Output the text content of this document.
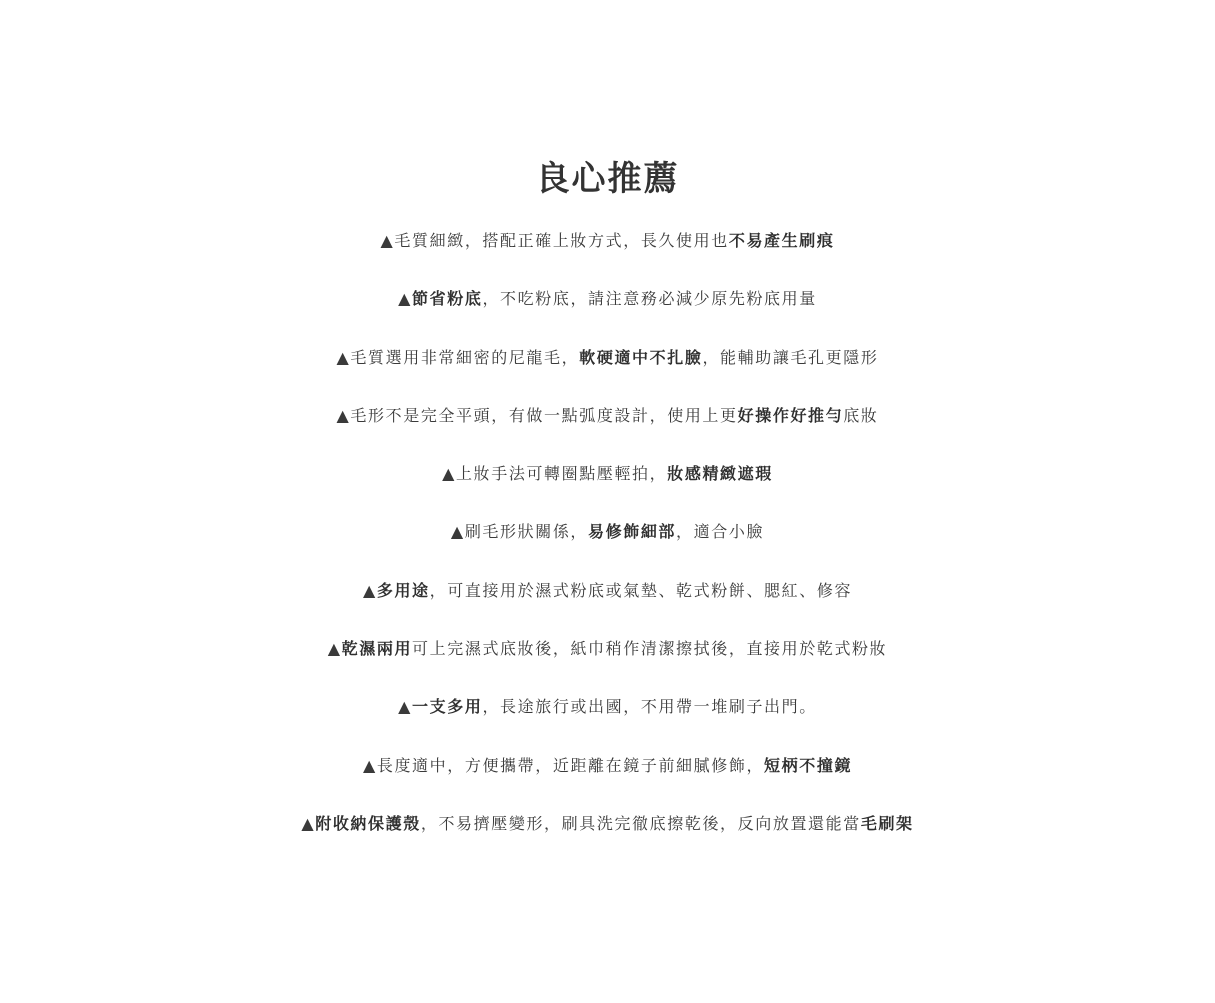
良心推薦
▲毛質細緻，搭配正確上妝方式，長久使用也不易產生刷痕
▲節省粉底，不吃粉底，請注意務必減少原先粉底用量
▲毛質選用非常細密的尼龍毛，軟硬適中不扎臉，能輔助讓毛孔更隱形
▲毛形不是完全平頭，有做一點弧度設計，使用上更好操作好推勻底妝
▲上妝手法可轉圈點壓輕拍，妝感精緻遮瑕
▲刷毛形狀關係，易修飾細部，適合小臉
▲多用途，可直接用於濕式粉底或氣墊、乾式粉餅、腮紅、修容
▲乾濕兩用可上完濕式底妝後，紙巾稍作清潔擦拭後，直接用於乾式粉妝
▲一支多用，長途旅行或出國，不用帶一堆刷子出門。
▲長度適中，方便攜帶，近距離在鏡子前細膩修飾，短柄不撞鏡
▲附收納保護殼，不易擠壓變形，刷具洗完徹底擦乾後，反向放置還能當毛刷架
